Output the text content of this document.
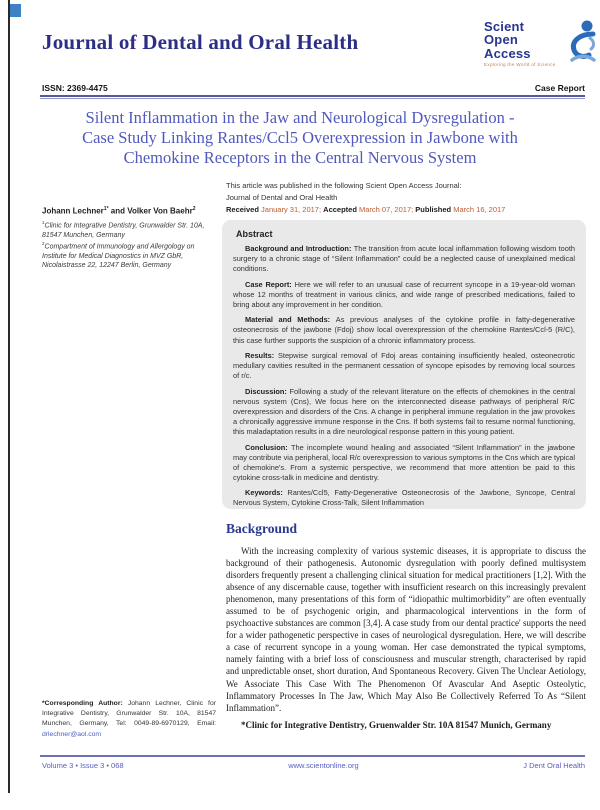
Journal of Dental and Oral Health
Scient
Open
Access
Exploring the World of Science
ISSN: 2369-4475	Case Report
Silent Inflammation in the Jaw and Neurological Dysregulation -
Case Study Linking Rantes/Ccl5 Overexpression in Jawbone with
Chemokine Receptors in the Central Nervous System
Johann Lechner$^{1*}$ and Volker Von Baehr$^2$

$^1$Clinic for Integrative Dentistry, Grunwalder Str. 10A, 81547 Munchen, Germany

$^2$Compartment of Immunology and Allergology on Institute for Medical Diagnostics in MVZ GbR, Nicolaistrasse 22, 12247 Berlin, Germany

This article was published in the following Scient Open Access Journal:
Journal of Dental and Oral Health
Received January 31, 2017; Accepted March 07, 2017; Published March 16, 2017
Abstract

Background and Introduction: The transition from acute local inflammation following wisdom tooth surgery to a chronic stage of “Silent Inflammation” could be a neglected cause of unexplained medical conditions.

Case Report: Here we will refer to an unusual case of recurrent syncope in a 19-year-old woman whose 12 months of treatment in various clinics, and wide range of prescribed medications, failed to bring about any improvement in her condition.

Material and Methods: As previous analyses of the cytokine profile in fatty-degenerative osteonecrosis of the jawbone (Fdoj) show local overexpression of the chemokine Rantes/Ccl-5 (R/C), this case further supports the suspicion of a chronic inflammatory process.

Results: Stepwise surgical removal of Fdoj areas containing insufficiently healed, osteonecrotic medullary cavities resulted in the permanent cessation of syncope episodes by removing local sources of r/c.

Discussion: Following a study of the relevant literature on the effects of chemokines in the central nervous system (Cns), We focus here on the interconnected disease pathways of peripheral R/C overexpression and disorders of the Cns. A change in peripheral immune regulation in the jaw provokes a chronically aggressive immune response in the Cns. If both systems fail to resume normal functioning, this maladaptation results in a dire neurological response pattern in this young patient.

Conclusion: The incomplete wound healing and associated “Silent Inflammation” in the jawbone may contribute via peripheral, local R/c overexpression to various symptoms in the Cns which are typical of chemokine's. From a systemic perspective, we recommend that more attention be paid to this cytokine cross-talk in medicine and dentistry.

Keywords: Rantes/Ccl5, Fatty-Degenerative Osteonecrosis of the Jawbone, Syncope, Central Nervous System, Cytokine Cross-Talk, Silent Inflammation

Background

With the increasing complexity of various systemic diseases, it is appropriate to discuss the background of their pathogenesis. Autonomic dysregulation with poorly defined multisystem disorders frequently present a challenging clinical situation for medical practitioners [1,2]. With the absence of any discernable cause, together with insufficient research on this increasingly prevalent phenomenon, many presentations of this form of “idiopathic multimorbidity” are often eventually assumed to be of psychogenic origin, and pharmacological interventions in the form of psychoactive substances are common [3,4]. A case study from our dental practice' supports the need for a wider pathogenetic perspective in cases of neurological dysregulation. Here, we will describe a case of recurrent syncope in a young woman. Her case demonstrated the typical symptoms, namely fainting with a brief loss of consciousness and muscular strength, characterised by rapid and unpredictable onset, short duration, And Spontaneous Recovery. Given The Unclear Aetiology, We Associate This Case With The Phenomenon Of Avascular And Aseptic Osteolytic, Inflammatory Processes In The Jaw, Which May Also Be Collectively Referred To As “Silent Inflammation”.

*Clinic for Integrative Dentistry, Gruenwalder Str. 10A 81547 Munich, Germany

*Corresponding Author: Johann Lechner, Clinic for Integrative Dentistry, Grunwalder Str. 10A, 81547 Munchen, Germany, Tel: 0049-89-6970129, Email: drlechner@aol.com
Volume 3 • Issue 3 • 068	www.scientonline.org	J Dent Oral Health
